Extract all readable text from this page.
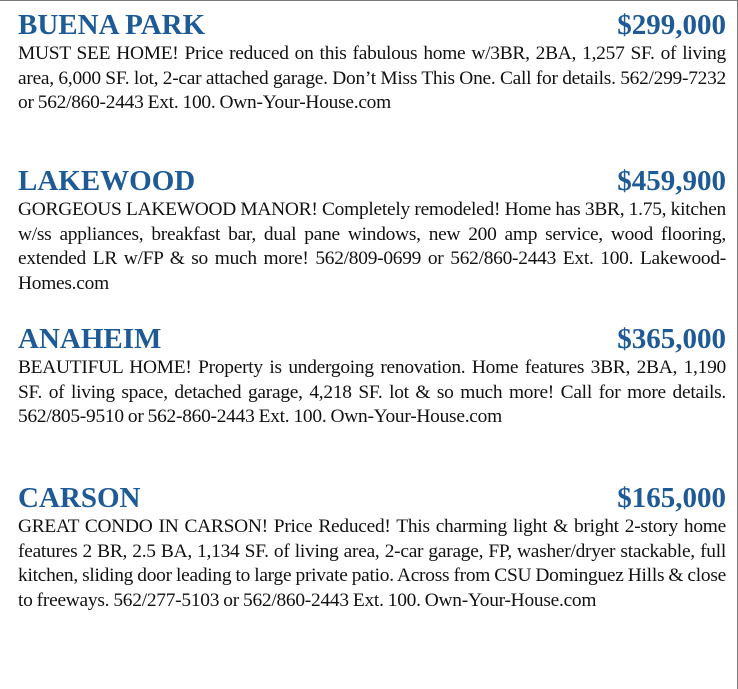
BUENA PARK	$299,000

MUST SEE HOME! Price reduced on this fabulous home w/3BR, 2BA, 1,257 SF. of living area, 6,000 SF. lot, 2-car attached garage. Don’t Miss This One. Call for details. 562/299-7232 or 562/860-2443 Ext. 100. Own-Your-House.com

LAKEWOOD	$459,900

GORGEOUS LAKEWOOD MANOR! Completely remodeled! Home has 3BR, 1.75, kitchen w/ss appliances, breakfast bar, dual pane windows, new 200 amp service, wood flooring, extended LR w/FP & so much more! 562/809-0699 or 562/860-2443 Ext. 100. Lakewood-Homes.com

ANAHEIM	$365,000

BEAUTIFUL HOME! Property is undergoing renovation. Home features 3BR, 2BA, 1,190 SF. of living space, detached garage, 4,218 SF. lot & so much more! Call for more details. 562/805-9510 or 562-860-2443 Ext. 100. Own-Your-House.com

CARSON	$165,000

GREAT CONDO IN CARSON! Price Reduced! This charming light & bright 2-story home features 2 BR, 2.5 BA, 1,134 SF. of living area, 2-car garage, FP, washer/dryer stackable, full kitchen, sliding door leading to large private patio. Across from CSU Dominguez Hills & close to freeways. 562/277-5103 or 562/860-2443 Ext. 100. Own-Your-House.com
